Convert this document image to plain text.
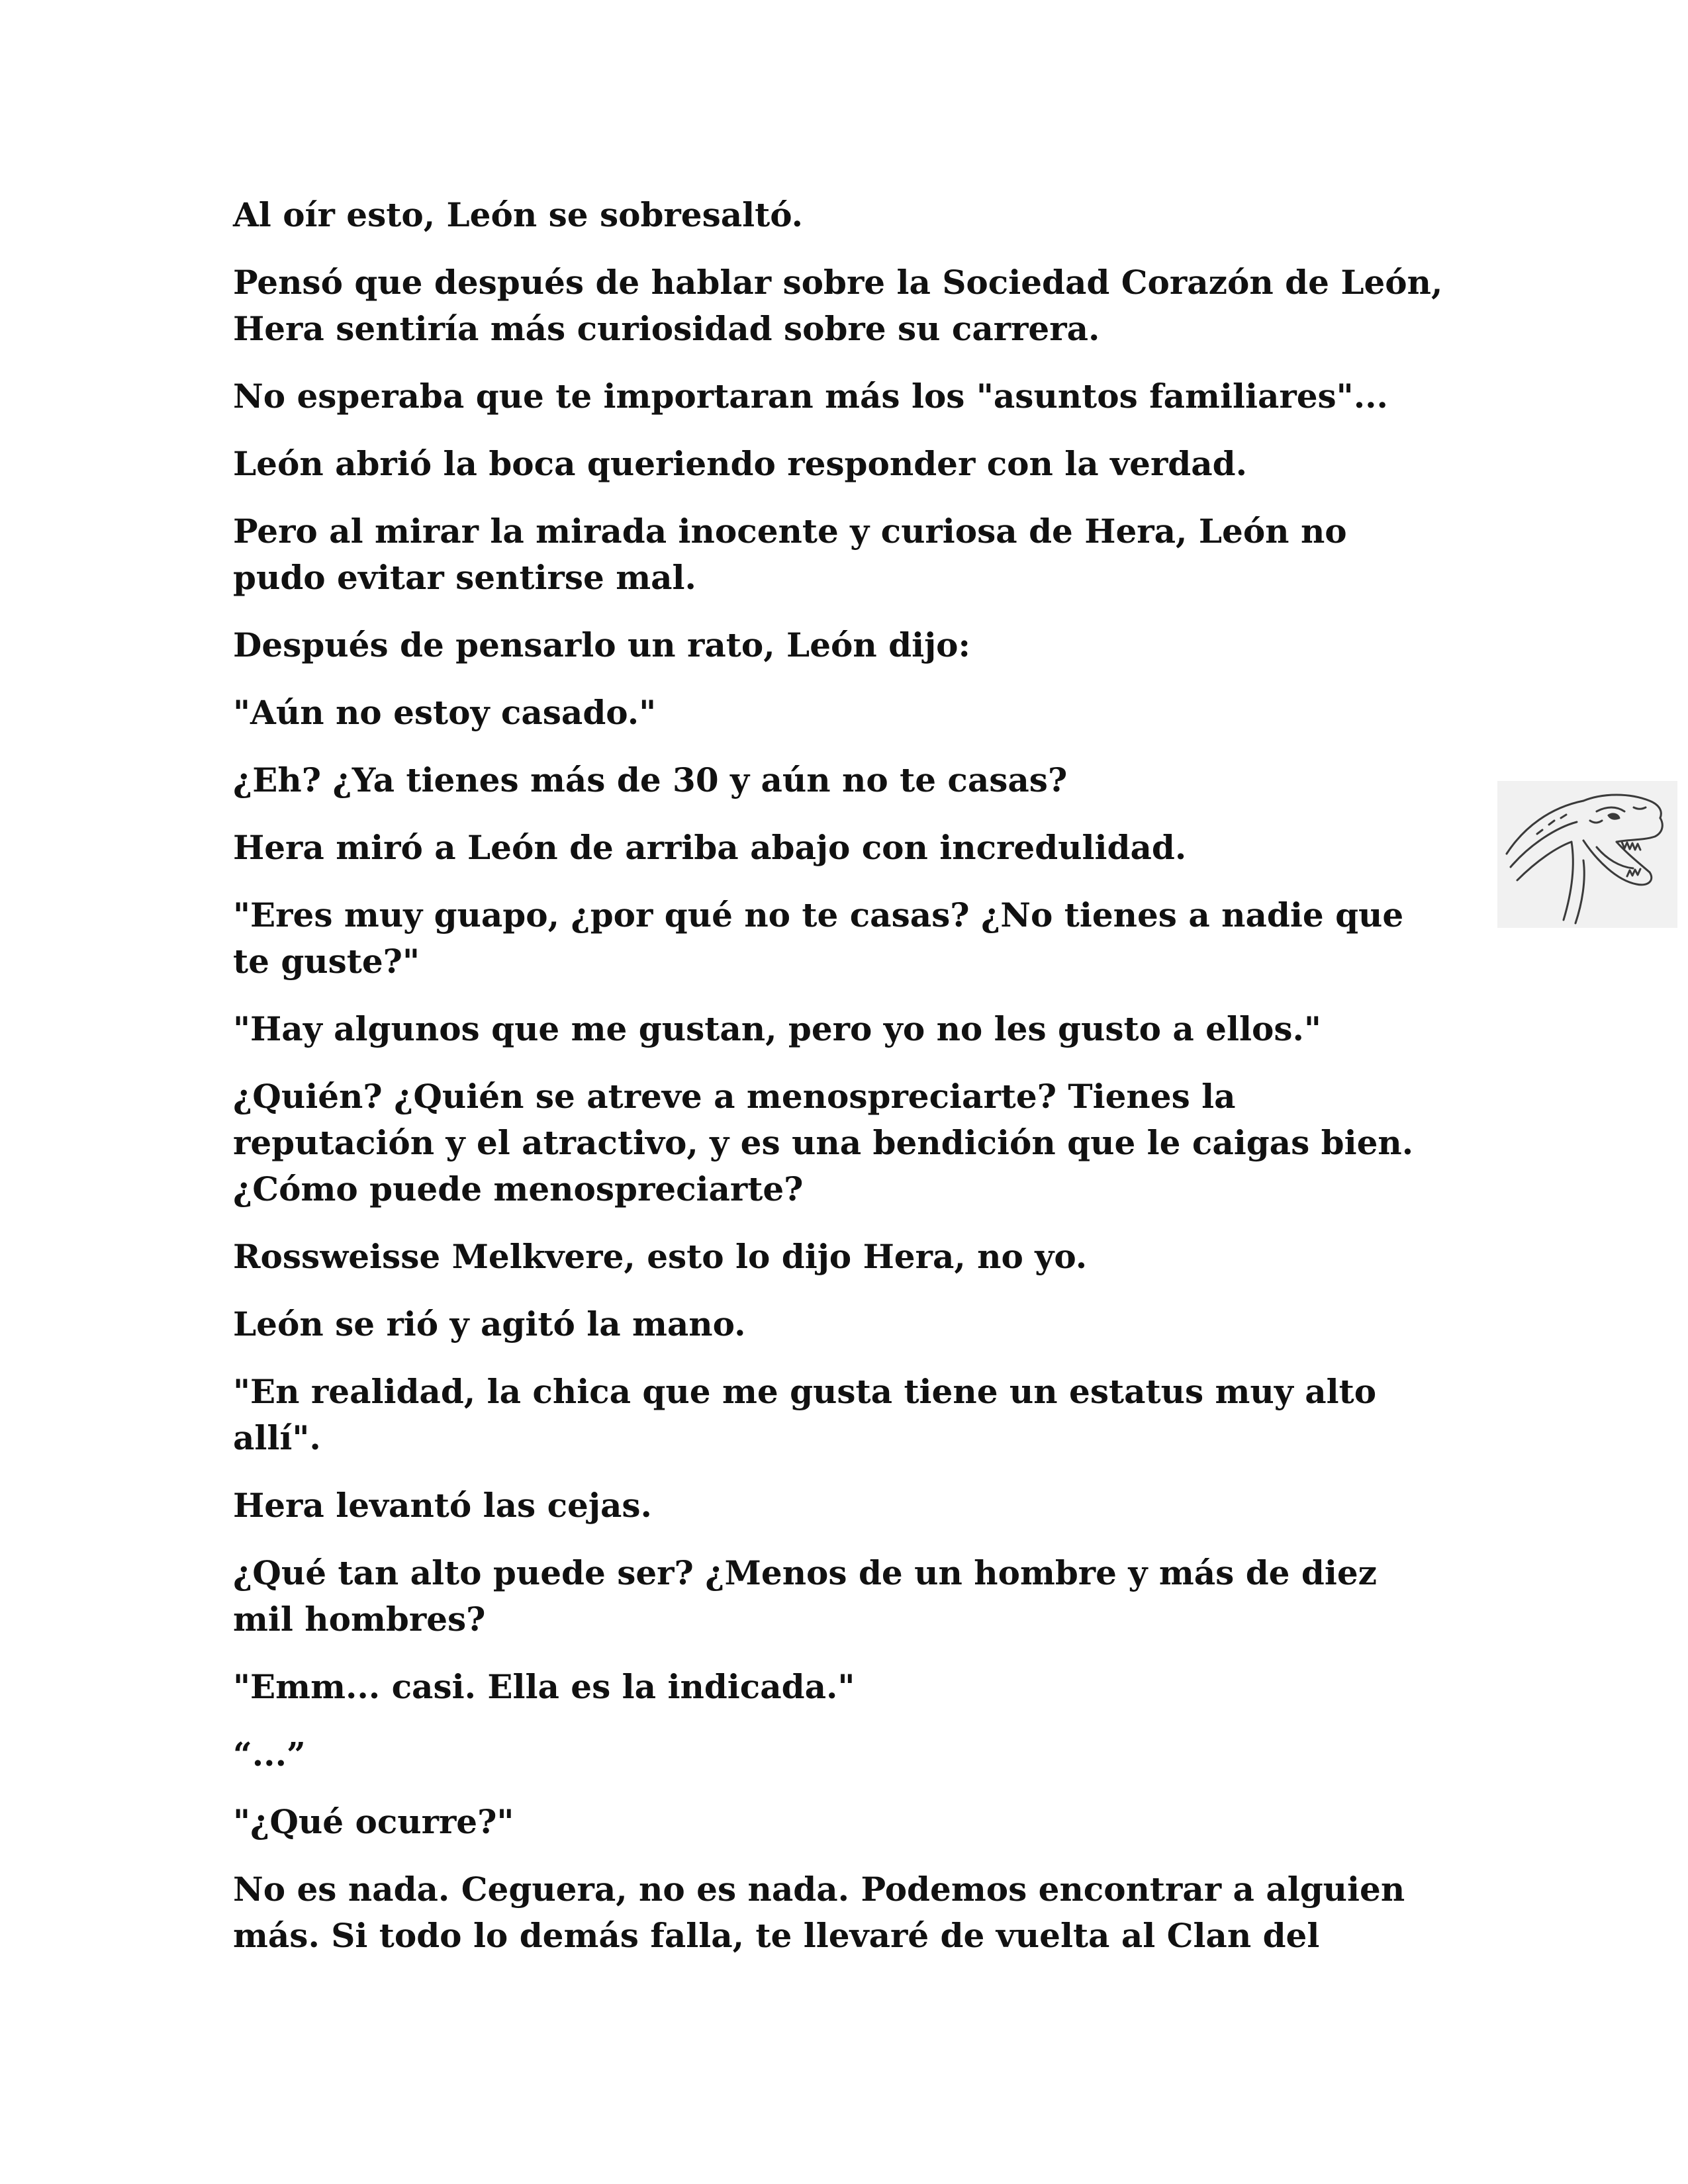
Al oír esto, León se sobresaltó.

Pensó que después de hablar sobre la Sociedad Corazón de León, Hera sentiría más curiosidad sobre su carrera.

No esperaba que te importaran más los "asuntos familiares"...

León abrió la boca queriendo responder con la verdad.

Pero al mirar la mirada inocente y curiosa de Hera, León no pudo evitar sentirse mal.

Después de pensarlo un rato, León dijo:

"Aún no estoy casado."

¿Eh? ¿Ya tienes más de 30 y aún no te casas?

Hera miró a León de arriba abajo con incredulidad.

"Eres muy guapo, ¿por qué no te casas? ¿No tienes a nadie que te guste?"

"Hay algunos que me gustan, pero yo no les gusto a ellos."

¿Quién? ¿Quién se atreve a menospreciarte? Tienes la reputación y el atractivo, y es una bendición que le caigas bien. ¿Cómo puede menospreciarte?

Rossweisse Melkvere, esto lo dijo Hera, no yo.

León se rió y agitó la mano.

"En realidad, la chica que me gusta tiene un estatus muy alto allí".

Hera levantó las cejas.

¿Qué tan alto puede ser? ¿Menos de un hombre y más de diez mil hombres?

"Emm... casi. Ella es la indicada."

“...”

"¿Qué ocurre?"

No es nada. Ceguera, no es nada. Podemos encontrar a alguien más. Si todo lo demás falla, te llevaré de vuelta al Clan del
